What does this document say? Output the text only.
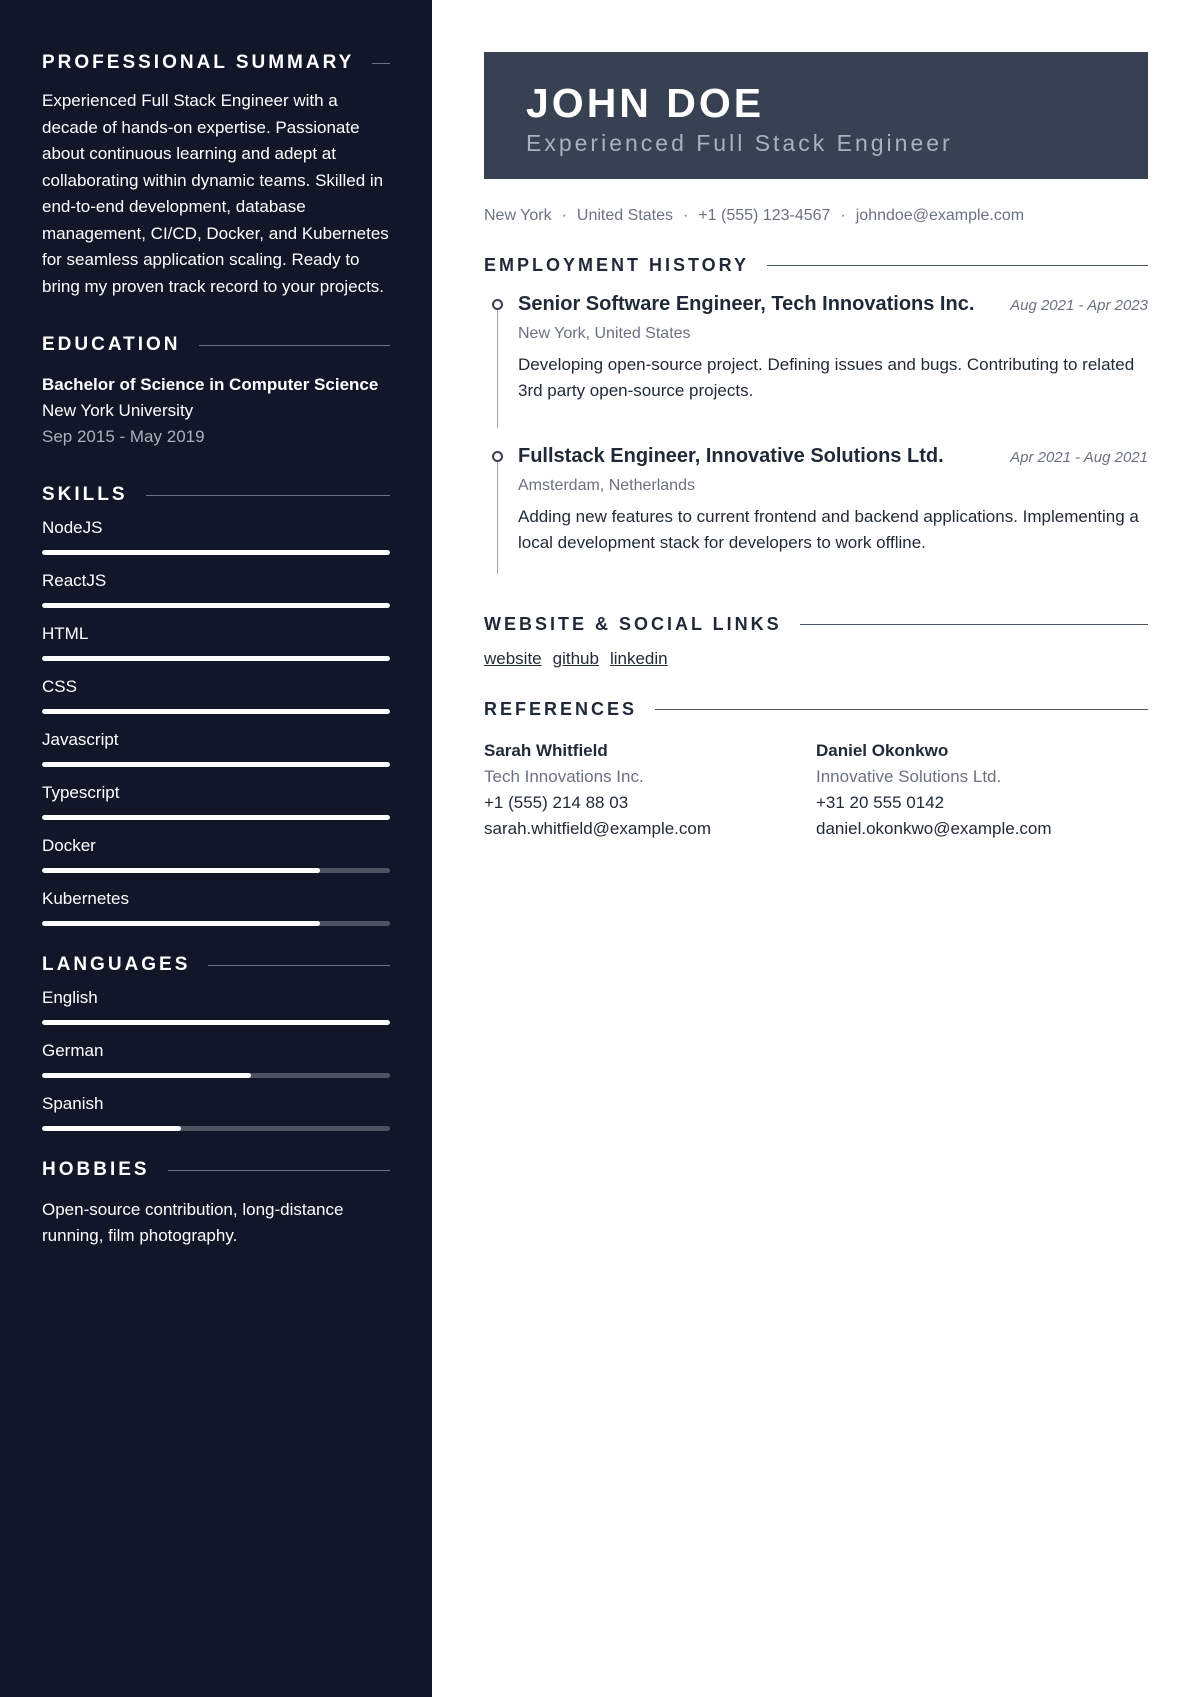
PROFESSIONAL SUMMARY

Experienced Full Stack Engineer with a decade of hands-on expertise. Passionate about continuous learning and adept at collaborating within dynamic teams. Skilled in end-to-end development, database management, CI/CD, Docker, and Kubernetes for seamless application scaling. Ready to bring my proven track record to your projects.

EDUCATION
Bachelor of Science in Computer Science
New York University
Sep 2015 - May 2019
SKILLS
NodeJS
ReactJS
HTML
CSS
Javascript
Typescript
Docker
Kubernetes
LANGUAGES
English
German
Spanish
HOBBIES

Open-source contribution, long-distance running, film photography.

JOHN DOE
Experienced Full Stack Engineer
New York · United States · +1 (555) 123-4567 · johndoe@example.com
EMPLOYMENT HISTORY
Senior Software Engineer, Tech Innovations Inc. Aug 2021 - Apr 2023
New York, United States
Developing open-source project. Defining issues and bugs. Contributing to related 3rd party open-source projects.
Fullstack Engineer, Innovative Solutions Ltd.	Apr 2021 - Aug 2021
Amsterdam, Netherlands
Adding new features to current frontend and backend applications. Implementing a local development stack for developers to work offline.
WEBSITE & SOCIAL LINKS
website github linkedin
REFERENCES
Sarah Whitfield
Tech Innovations Inc.
+1 (555) 214 88 03
sarah.whitfield@example.com
Daniel Okonkwo
Innovative Solutions Ltd.
+31 20 555 0142
daniel.okonkwo@example.com
